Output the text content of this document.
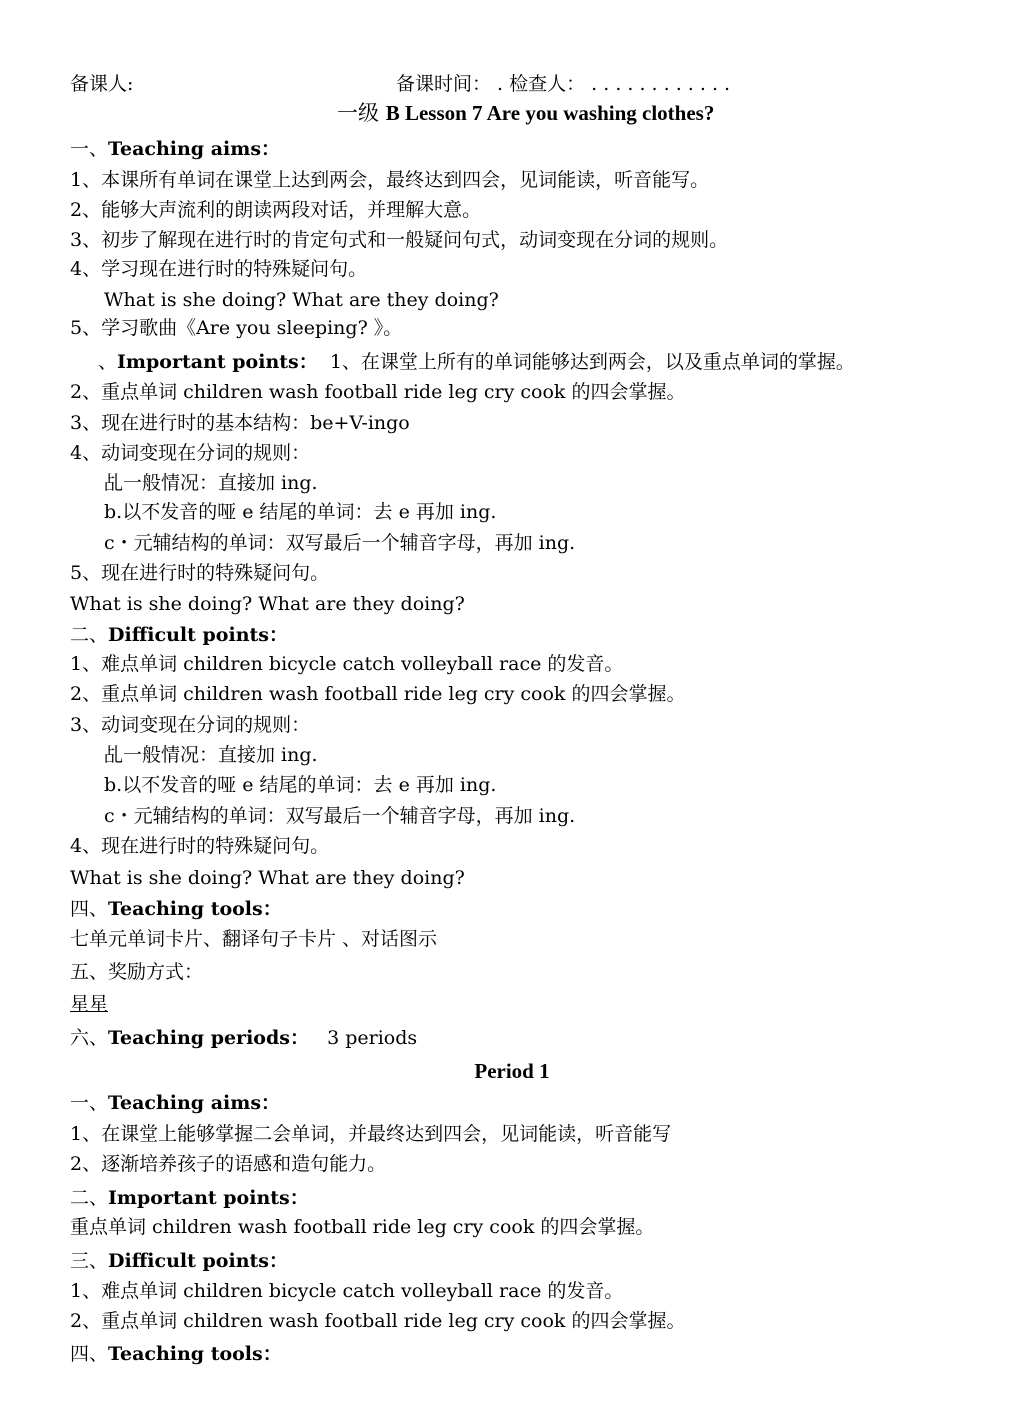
备课人:	备课时间： . 检查人： . . . . . . . . . . . .
一级 B Lesson 7 Are you washing clothes?
一、Teaching aims：
1、本课所有单词在课堂上达到两会，最终达到四会，见词能读，听音能写。
2、能够大声流利的朗读两段对话，并理解大意。
3、初步了解现在进行时的肯定句式和一般疑问句式，动词变现在分词的规则。
4、学习现在进行时的特殊疑问句。
What is she doing? What are they doing?
5、学习歌曲《Are you sleeping? 》。
、Important points： 1、在课堂上所有的单词能够达到两会，以及重点单词的掌握。
2、重点单词 children wash football ride leg cry cook 的四会掌握。
3、现在进行时的基本结构：be+V-ingo
4、动词变现在分词的规则：
乩一般情况：直接加 ing.
b.以不发音的哑 e 结尾的单词：去 e 再加 ing.
c・元辅结构的单词：双写最后一个辅音字母，再加 ing.
5、现在进行时的特殊疑问句。
What is she doing? What are they doing?
二、Difficult points：
1、难点单词 children bicycle catch volleyball race 的发音。
2、重点单词 children wash football ride leg cry cook 的四会掌握。
3、动词变现在分词的规则：
乩一般情况：直接加 ing.
b.以不发音的哑 e 结尾的单词：去 e 再加 ing.
c・元辅结构的单词：双写最后一个辅音字母，再加 ing.
4、现在进行时的特殊疑问句。
What is she doing? What are they doing?
四、Teaching tools：
七单元单词卡片、翻译句子卡片 、对话图示
五、奖励方式：
星星
六、Teaching periods： 3 periods
Period 1
一、Teaching aims：
1、在课堂上能够掌握二会单词，并最终达到四会，见词能读，听音能写
2、逐渐培养孩子的语感和造句能力。
二、Important points：
重点单词 children wash football ride leg cry cook 的四会掌握。
三、Difficult points：
1、难点单词 children bicycle catch volleyball race 的发音。
2、重点单词 children wash football ride leg cry cook 的四会掌握。
四、Teaching tools：
